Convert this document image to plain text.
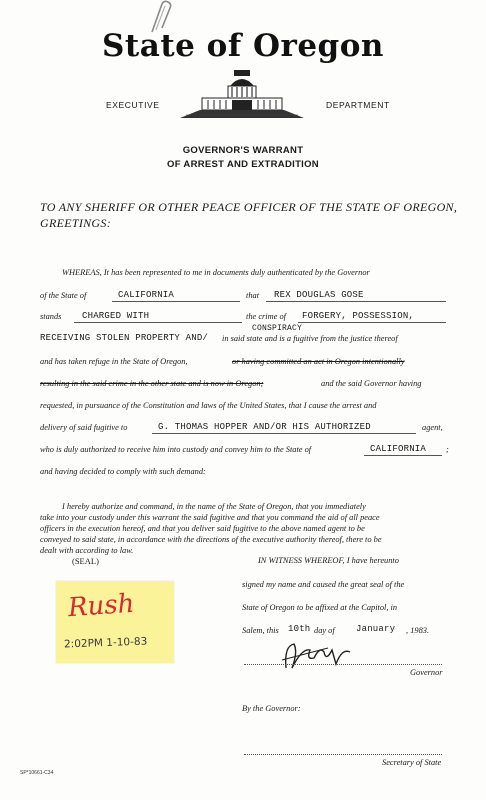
State of Oregon
EXECUTIVE	DEPARTMENT
GOVERNOR'S WARRANT
OF ARREST AND EXTRADITION
TO ANY SHERIFF OR OTHER PEACE OFFICER OF THE STATE OF OREGON,
GREETINGS:
WHEREAS, It has been represented to me in documents duly authenticated by the Governor
of the State of	CALIFORNIA	that REX DOUGLAS GOSE
stands CHARGED WITH	the crime of FORGERY, POSSESSION,
CONSPIRACY
RECEIVING STOLEN PROPERTY AND/ in said state and is a fugitive from the justice thereof
and has taken refuge in the State of Oregon,	or having committed an act in Oregon intentionally
resulting in the said crime in the other state and is now in Oregon;	and the said Governor having
requested, in pursuance of the Constitution and laws of the United States, that I cause the arrest and
delivery of said fugitive to	G. THOMAS HOPPER AND/OR HIS AUTHORIZED	agent,
who is duly authorized to receive him into custody and convey him to the State of	CALIFORNIA ;
and having decided to comply with such demand:
I hereby authorize and command, in the name of the State of Oregon, that you immediately
take into your custody under this warrant the said fugitive and that you command the aid of all peace
officers in the execution hereof, and that you deliver said fugitive to the above named agent to be
conveyed to said state, in accordance with the directions of the executive authority thereof, there to be
dealt with according to law.
(SEAL)	IN WITNESS WHEREOF, I have hereunto
signed my name and caused the great seal of the
State of Oregon to be affixed at the Capitol, in
Salem, this 10th day of January , 1983.
Governor
By the Governor:
Secretary of State
Rush
2:02PM 1-10-83
SP*10661-C34
